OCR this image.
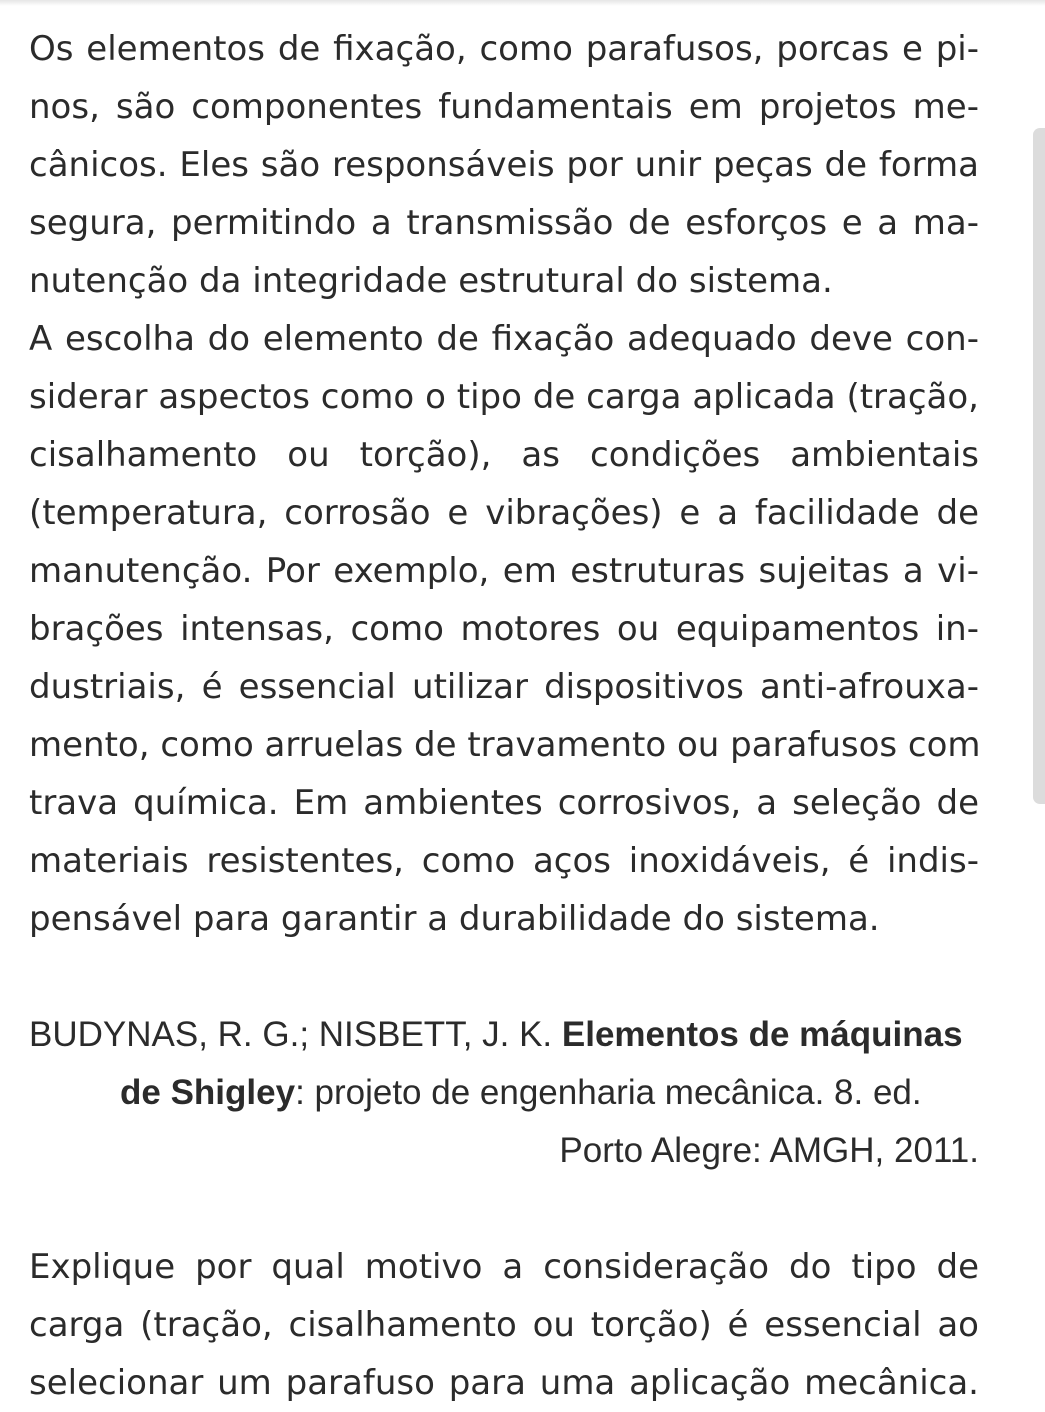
Os elementos de fixação, como parafusos, porcas e pi-
nos, são componentes fundamentais em projetos me-
cânicos. Eles são responsáveis por unir peças de forma
segura, permitindo a transmissão de esforços e a ma-
nutenção da integridade estrutural do sistema.
A escolha do elemento de fixação adequado deve con-
siderar aspectos como o tipo de carga aplicada (tração,
cisalhamento ou torção), as condições ambientais
(temperatura, corrosão e vibrações) e a facilidade de
manutenção. Por exemplo, em estruturas sujeitas a vi-
brações intensas, como motores ou equipamentos in-
dustriais, é essencial utilizar dispositivos anti-afrouxa-
mento, como arruelas de travamento ou parafusos com
trava química. Em ambientes corrosivos, a seleção de
materiais resistentes, como aços inoxidáveis, é indis-
pensável para garantir a durabilidade do sistema.
BUDYNAS, R. G.; NISBETT, J. K. Elementos de máquinas
de Shigley: projeto de engenharia mecânica. 8. ed.
Porto Alegre: AMGH, 2011.
Explique por qual motivo a consideração do tipo de
carga (tração, cisalhamento ou torção) é essencial ao
selecionar um parafuso para uma aplicação mecânica.
